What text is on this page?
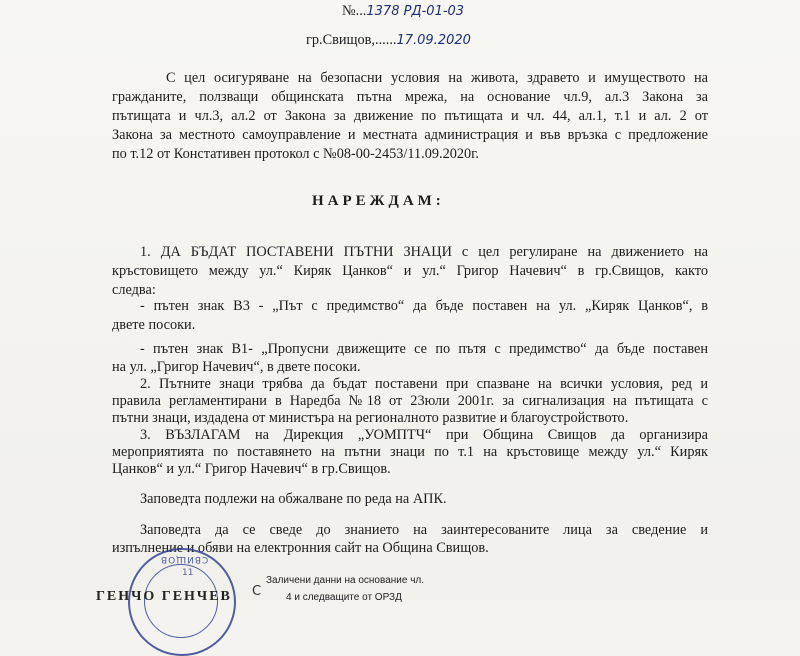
№...1378 РД-01-03
гр.Свищов,......17.09.2020
С цел осигуряване на безопасни условия на живота, здравето и имуществото на
гражданите, ползващи общинската пътна мрежа, на основание чл.9, ал.3 Закона за
пътищата и чл.3, ал.2 от Закона за движение по пътищата и чл. 44, ал.1, т.1 и ал. 2 от
Закона за местното самоуправление и местната администрация и във връзка с предложение
по т.12 от Констативен протокол с №08-00-2453/11.09.2020г.
НАРЕЖДАМ:
1. ДА БЪДАТ ПОСТАВЕНИ ПЪТНИ ЗНАЦИ с цел регулиране на движението на
кръстовището между ул.“ Киряк Цанков“ и ул.“ Григор Начевич“ в гр.Свищов, както
следва:
- пътен знак В3 - „Път с предимство“ да бъде поставен на ул. „Киряк Цанков“, в
двете посоки.
- пътен знак В1- „Пропусни движещите се по пътя с предимство“ да бъде поставен
на ул. „Григор Начевич“, в двете посоки.
2. Пътните знаци трябва да бъдат поставени при спазване на всички условия, ред и
правила регламентирани в Наредба №18 от 23юли 2001г. за сигнализация на пътищата с
пътни знаци, издадена от министъра на регионалното развитие и благоустройството.
3. ВЪЗЛАГАМ на Дирекция „УОМПТЧ“ при Община Свищов да организира
мероприятията по поставянето на пътни знаци по т.1 на кръстовище между ул.“ Киряк
Цанков“ и ул.“ Григор Начевич“ в гр.Свищов.
Заповедта подлежи на обжалване по реда на АПК.
Заповедта да се сведе до знанието на заинтересованите лица за сведение и
изпълнение и обяви на електронния сайт на Община Свищов.
СВИЩОВ
11
Заличени данни на основание чл.
4 и следващите от ОРЗД
С
ГЕНЧО ГЕНЧЕВ
